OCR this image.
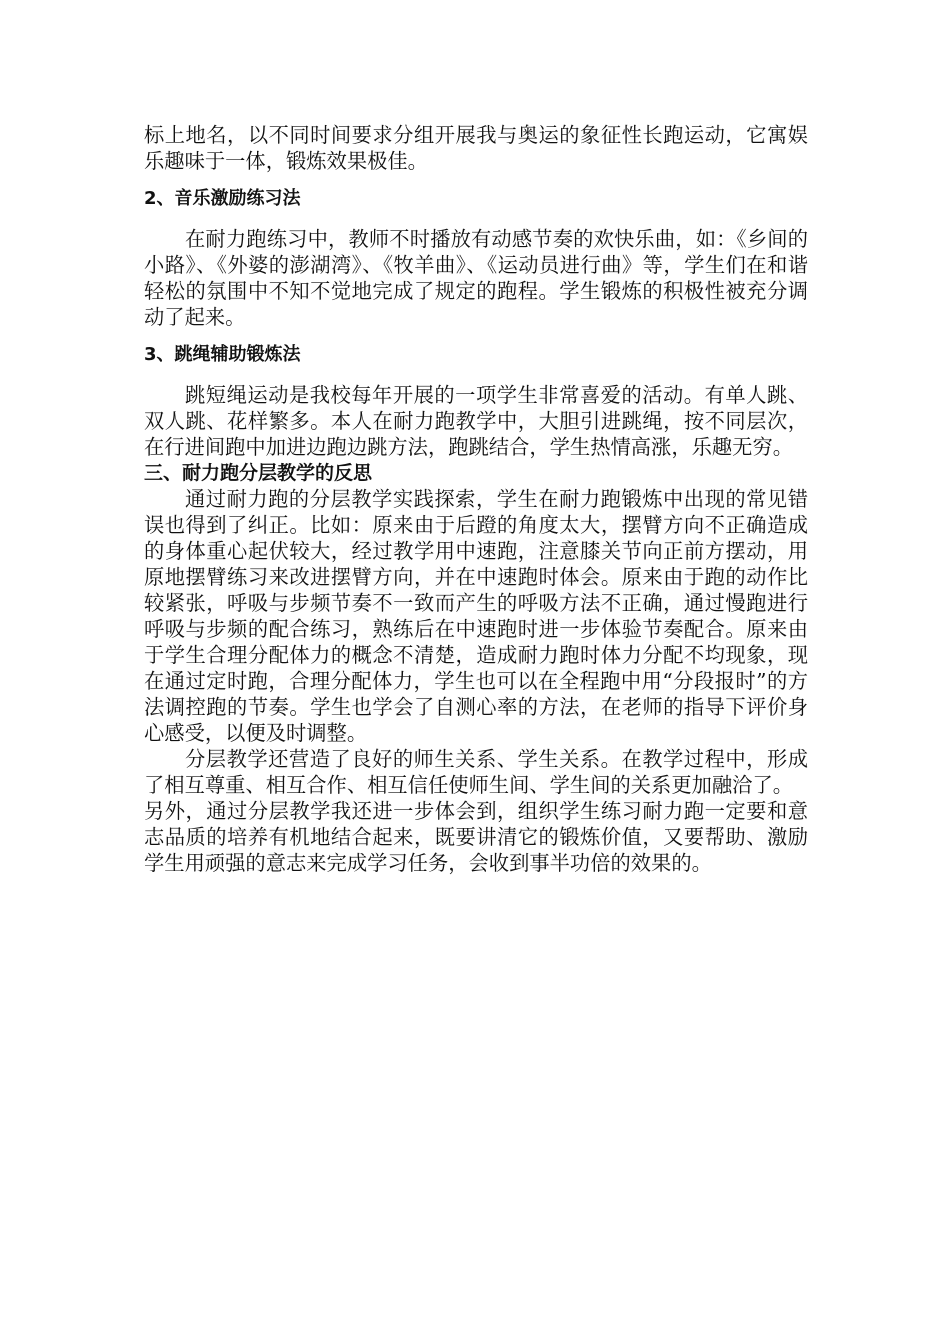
标上地名，以不同时间要求分组开展我与奥运的象征性长跑运动，它寓娱乐趣味于一体，锻炼效果极佳。

2、音乐激励练习法

在耐力跑练习中，教师不时播放有动感节奏的欢快乐曲，如：《乡间的小路》、《外婆的澎湖湾》、《牧羊曲》、《运动员进行曲》等，学生们在和谐轻松的氛围中不知不觉地完成了规定的跑程。学生锻炼的积极性被充分调动了起来。

3、跳绳辅助锻炼法

跳短绳运动是我校每年开展的一项学生非常喜爱的活动。有单人跳、双人跳、花样繁多。本人在耐力跑教学中，大胆引进跳绳，按不同层次，在行进间跑中加进边跑边跳方法，跑跳结合，学生热情高涨，乐趣无穷。

三、耐力跑分层教学的反思

通过耐力跑的分层教学实践探索，学生在耐力跑锻炼中出现的常见错误也得到了纠正。比如：原来由于后蹬的角度太大，摆臂方向不正确造成的身体重心起伏较大，经过教学用中速跑，注意膝关节向正前方摆动，用原地摆臂练习来改进摆臂方向，并在中速跑时体会。原来由于跑的动作比较紧张，呼吸与步频节奏不一致而产生的呼吸方法不正确，通过慢跑进行呼吸与步频的配合练习，熟练后在中速跑时进一步体验节奏配合。原来由于学生合理分配体力的概念不清楚，造成耐力跑时体力分配不均现象，现在通过定时跑，合理分配体力，学生也可以在全程跑中用“分段报时”的方法调控跑的节奏。学生也学会了自测心率的方法，在老师的指导下评价身心感受，以便及时调整。

分层教学还营造了良好的师生关系、学生关系。在教学过程中，形成了相互尊重、相互合作、相互信任使师生间、学生间的关系更加融洽了。

另外，通过分层教学我还进一步体会到，组织学生练习耐力跑一定要和意志品质的培养有机地结合起来，既要讲清它的锻炼价值，又要帮助、激励学生用顽强的意志来完成学习任务，会收到事半功倍的效果的。
